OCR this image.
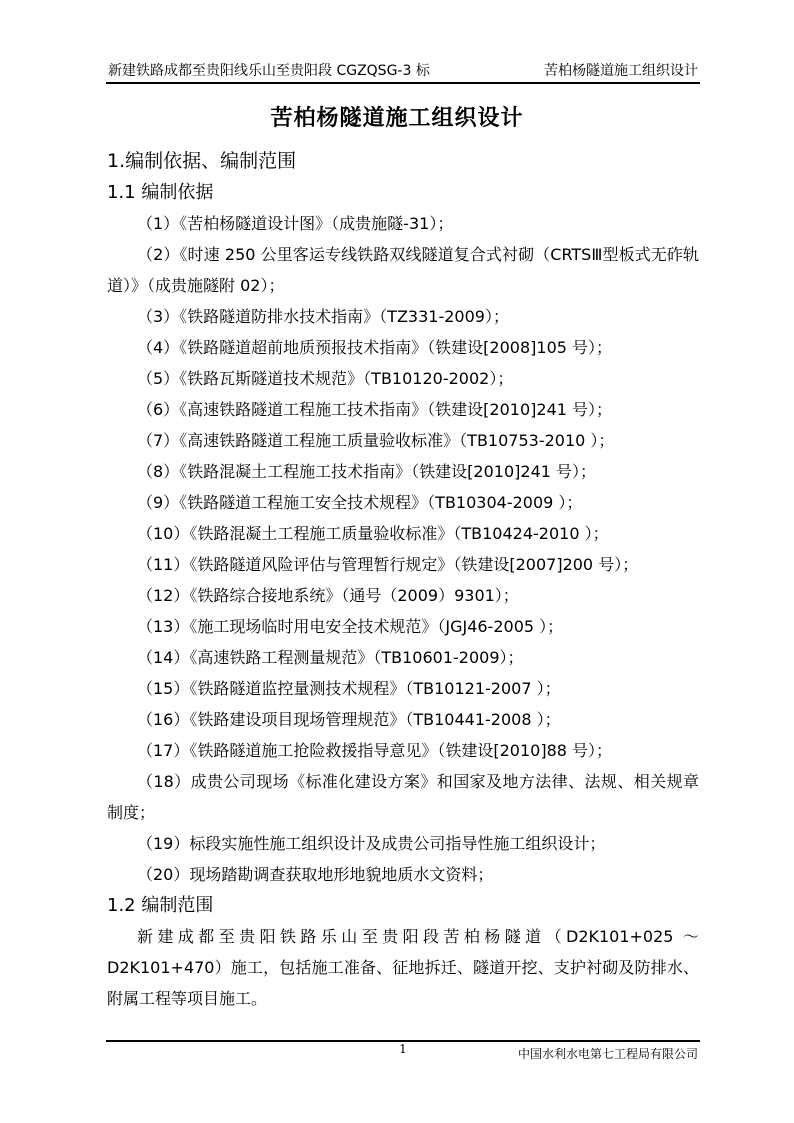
新建铁路成都至贵阳线乐山至贵阳段 CGZQSG-3 标	苦柏杨隧道施工组织设计
苦柏杨隧道施工组织设计
1.编制依据、编制范围
1.1 编制依据
（1）《苦柏杨隧道设计图》（成贵施隧-31）；
（2）《时速 250 公里客运专线铁路双线隧道复合式衬砌（CRTSⅢ型板式无砟轨道）》（成贵施隧附 02）；
（3）《铁路隧道防排水技术指南》（TZ331-2009）；
（4）《铁路隧道超前地质预报技术指南》（铁建设[2008]105 号）；
（5）《铁路瓦斯隧道技术规范》（TB10120-2002）；
（6）《高速铁路隧道工程施工技术指南》（铁建设[2010]241 号）；
（7）《高速铁路隧道工程施工质量验收标准》（TB10753-2010 ）；
（8）《铁路混凝土工程施工技术指南》（铁建设[2010]241 号）；
（9）《铁路隧道工程施工安全技术规程》（TB10304-2009 ）；
（10）《铁路混凝土工程施工质量验收标准》（TB10424-2010 ）；
（11）《铁路隧道风险评估与管理暂行规定》（铁建设[2007]200 号）；
（12）《铁路综合接地系统》（通号（2009）9301）；
（13）《施工现场临时用电安全技术规范》（JGJ46-2005 ）；
（14）《高速铁路工程测量规范》（TB10601-2009）；
（15）《铁路隧道监控量测技术规程》（TB10121-2007 ）；
（16）《铁路建设项目现场管理规范》（TB10441-2008 ）；
（17）《铁路隧道施工抢险救援指导意见》（铁建设[2010]88 号）；
（18）成贵公司现场《标准化建设方案》和国家及地方法律、法规、相关规章制度；
（19）标段实施性施工组织设计及成贵公司指导性施工组织设计；
（20）现场踏勘调查获取地形地貌地质水文资料；
1.2 编制范围
新建成都至贵阳铁路乐山至贵阳段苦柏杨隧道（D2K101+025 ～D2K101+470）施工，包括施工准备、征地拆迁、隧道开挖、支护衬砌及防排水、附属工程等项目施工。
1	中国水利水电第七工程局有限公司
